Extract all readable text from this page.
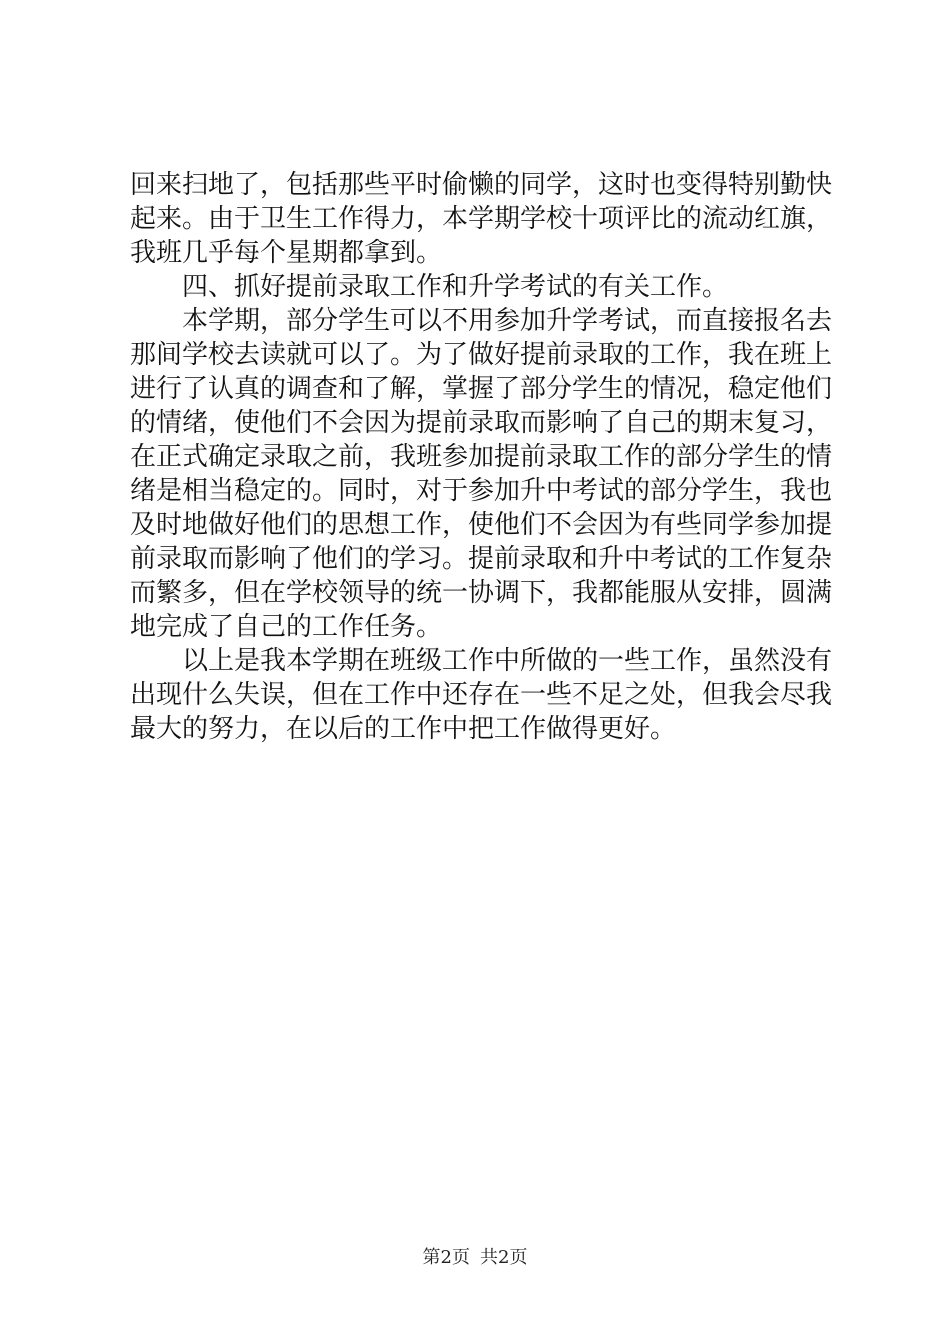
回来扫地了，包括那些平时偷懒的同学，这时也变得特别勤快
起来。由于卫生工作得力，本学期学校十项评比的流动红旗，
我班几乎每个星期都拿到。
四、抓好提前录取工作和升学考试的有关工作。
本学期，部分学生可以不用参加升学考试，而直接报名去
那间学校去读就可以了。为了做好提前录取的工作，我在班上
进行了认真的调查和了解，掌握了部分学生的情况，稳定他们
的情绪，使他们不会因为提前录取而影响了自己的期末复习，
在正式确定录取之前，我班参加提前录取工作的部分学生的情
绪是相当稳定的。同时，对于参加升中考试的部分学生，我也
及时地做好他们的思想工作，使他们不会因为有些同学参加提
前录取而影响了他们的学习。提前录取和升中考试的工作复杂
而繁多，但在学校领导的统一协调下，我都能服从安排，圆满
地完成了自己的工作任务。
以上是我本学期在班级工作中所做的一些工作，虽然没有
出现什么失误，但在工作中还存在一些不足之处，但我会尽我
最大的努力，在以后的工作中把工作做得更好。
第2页 共2页
